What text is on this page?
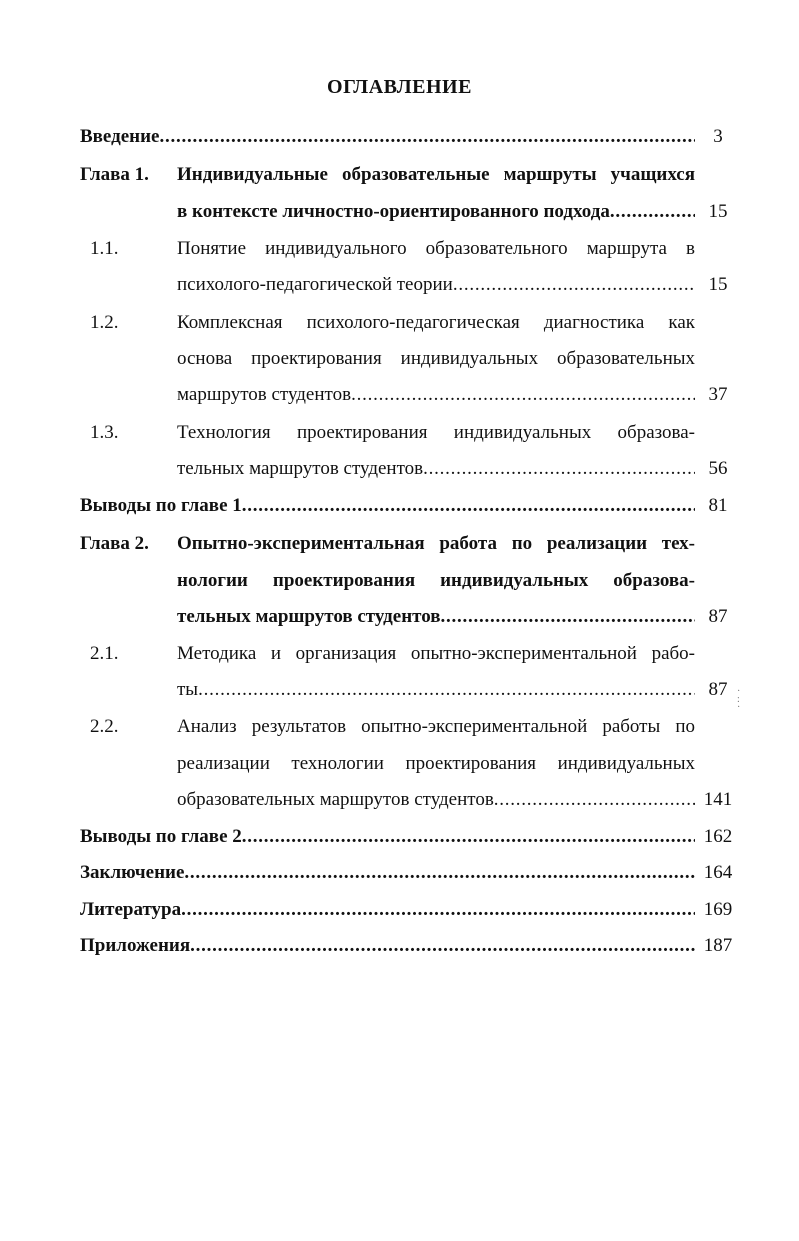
ОГЛАВЛЕНИЕ
Введение . . .	3
Глава 1. Индивидуальные образовательные маршруты учащихся
в контексте личностно-ориентированного подхода . . .	15
1.1.	Понятие индивидуального образовательного маршрута в
психолого-педагогической теории . . .	15
1.2.	Комплексная психолого-педагогическая диагностика как
основа проектирования индивидуальных образовательных
маршрутов студентов . . .	37
1.3.	Технология проектирования индивидуальных образова-
тельных маршрутов студентов . . .	56
Выводы по главе 1 . . .	81
Глава 2. Опытно-экспериментальная работа по реализации тех-
нологии проектирования индивидуальных образова-
тельных маршрутов студентов . . .	87
2.1.	Методика и организация опытно-экспериментальной рабо-
ты . . .	87 ·
:
·
2.2.	Анализ результатов опытно-экспериментальной работы по
реализации технологии проектирования индивидуальных
образовательных маршрутов студентов . . .	141
Выводы по главе 2 . . .	162
Заключение . . .	164
Литература . . .	169
Приложения . . .	187
